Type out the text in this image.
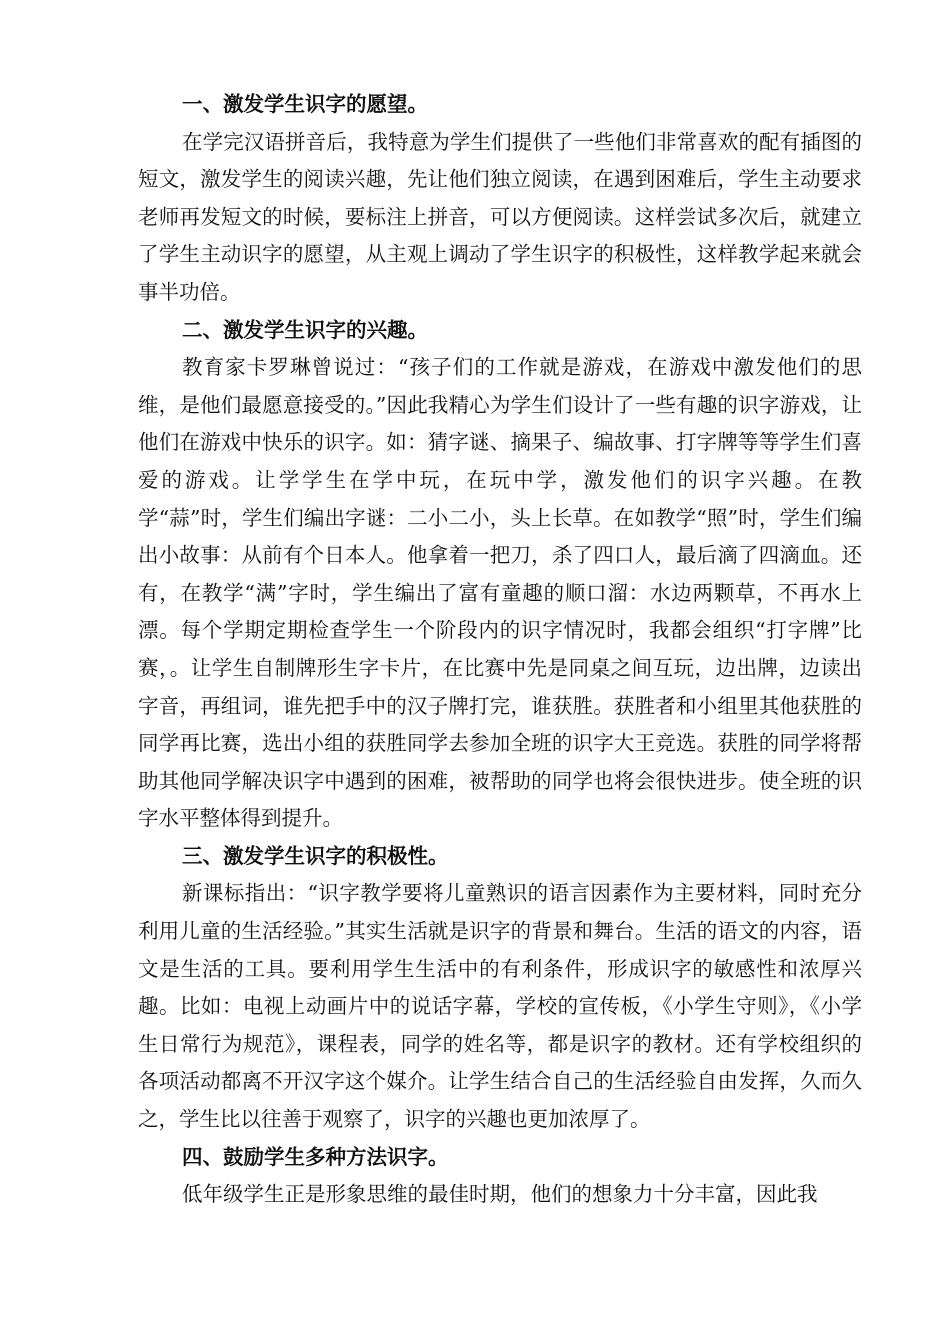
一、激发学生识字的愿望。

在学完汉语拼音后，我特意为学生们提供了一些他们非常喜欢的配有插图的短文，激发学生的阅读兴趣，先让他们独立阅读，在遇到困难后，学生主动要求老师再发短文的时候，要标注上拼音，可以方便阅读。这样尝试多次后，就建立了学生主动识字的愿望，从主观上调动了学生识字的积极性，这样教学起来就会事半功倍。

二、激发学生识字的兴趣。

教育家卡罗琳曾说过：“孩子们的工作就是游戏，在游戏中激发他们的思维，是他们最愿意接受的。”因此我精心为学生们设计了一些有趣的识字游戏，让他们在游戏中快乐的识字。如：猜字谜、摘果子、编故事、打字牌等等学生们喜爱的游戏。让学学生在学中玩，在玩中学，激发他们的识字兴趣。在教学“蒜”时，学生们编出字谜：二小二小，头上长草。在如教学“照”时，学生们编出小故事：从前有个日本人。他拿着一把刀，杀了四口人，最后滴了四滴血。还有，在教学“满”字时，学生编出了富有童趣的顺口溜：水边两颗草，不再水上漂。每个学期定期检查学生一个阶段内的识字情况时，我都会组织“打字牌”比赛，。让学生自制牌形生字卡片，在比赛中先是同桌之间互玩，边出牌，边读出字音，再组词，谁先把手中的汉子牌打完，谁获胜。获胜者和小组里其他获胜的同学再比赛，选出小组的获胜同学去参加全班的识字大王竞选。获胜的同学将帮助其他同学解决识字中遇到的困难，被帮助的同学也将会很快进步。使全班的识字水平整体得到提升。

三、激发学生识字的积极性。

新课标指出：“识字教学要将儿童熟识的语言因素作为主要材料，同时充分利用儿童的生活经验。”其实生活就是识字的背景和舞台。生活的语文的内容，语文是生活的工具。要利用学生生活中的有利条件，形成识字的敏感性和浓厚兴趣。比如：电视上动画片中的说话字幕，学校的宣传板，《小学生守则》，《小学生日常行为规范》，课程表，同学的姓名等，都是识字的教材。还有学校组织的各项活动都离不开汉字这个媒介。让学生结合自己的生活经验自由发挥，久而久之，学生比以往善于观察了，识字的兴趣也更加浓厚了。

四、鼓励学生多种方法识字。

低年级学生正是形象思维的最佳时期，他们的想象力十分丰富，因此我
